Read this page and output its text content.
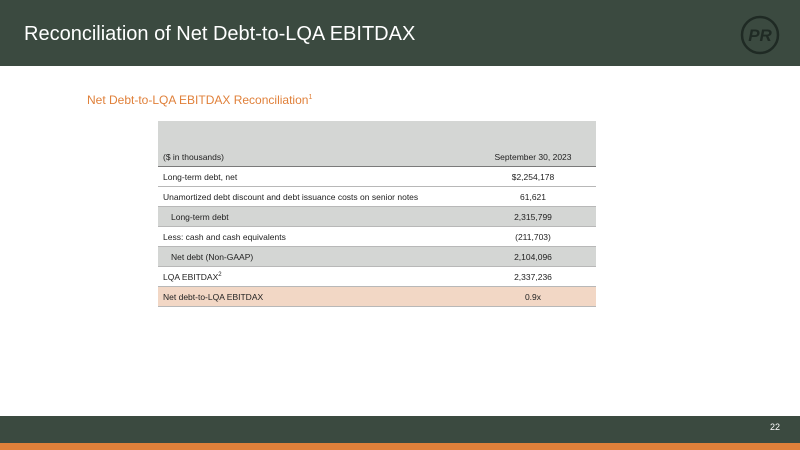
Reconciliation of Net Debt-to-LQA EBITDAX	PR
Net Debt-to-LQA EBITDAX Reconciliation$^1$
($ in thousands)	September 30, 2023
Long-term debt, net	$2,254,178
Unamortized debt discount and debt issuance costs on senior notes	61,621
Long-term debt	2,315,799
Less: cash and cash equivalents	(211,703)
Net debt (Non-GAAP)	2,104,096
LQA EBITDAX$^2$	2,337,236
Net debt-to-LQA EBITDAX	0.9x
22
